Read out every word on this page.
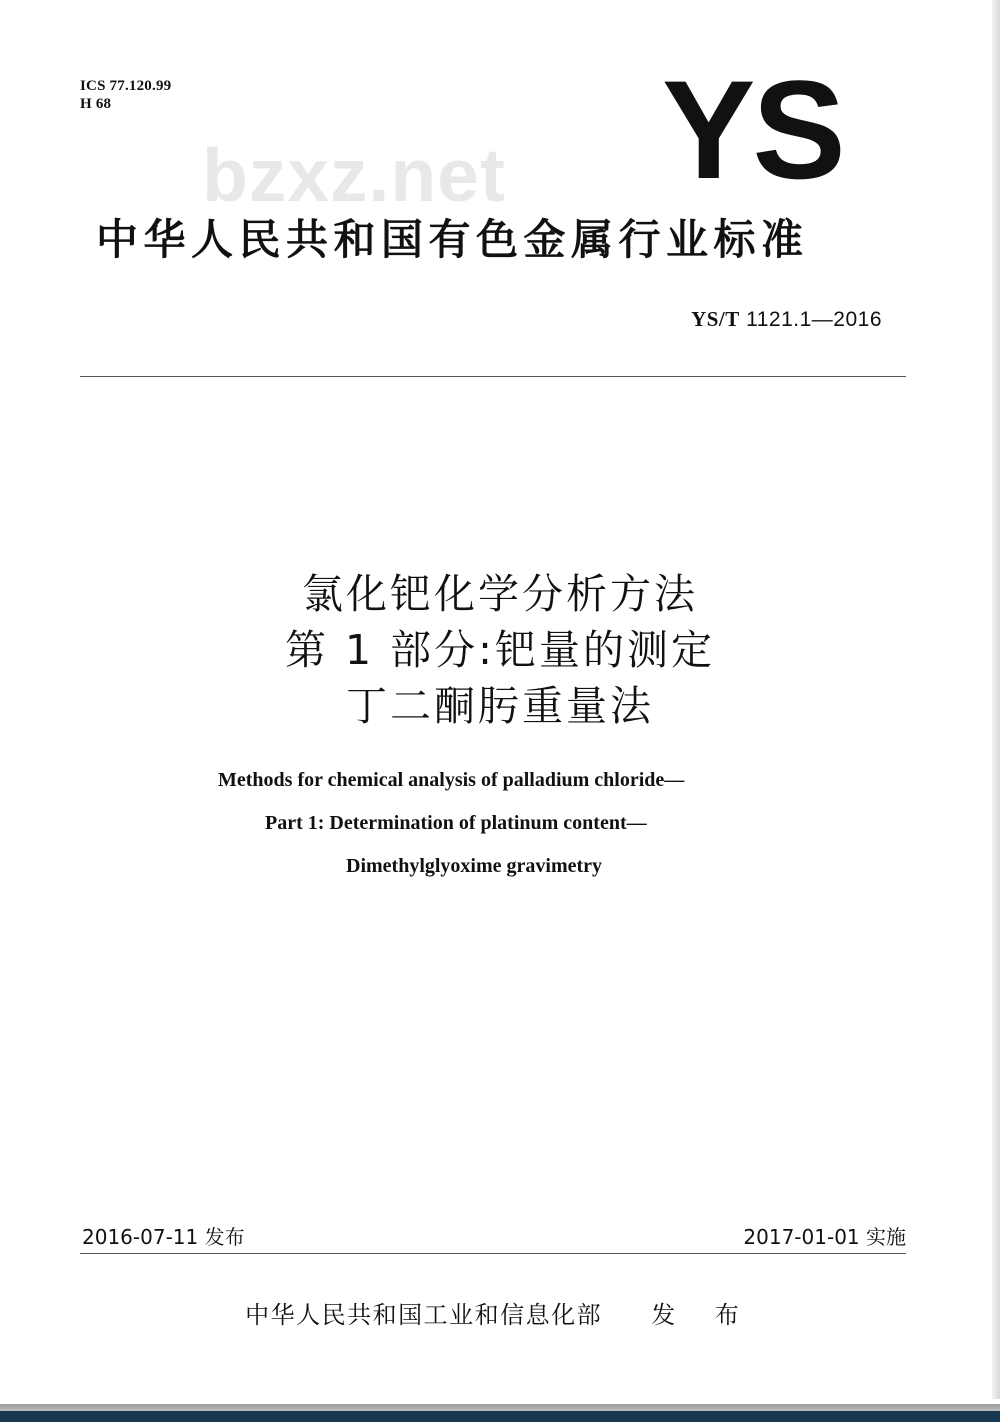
ICS 77.120.99
H 68
bzxz.net YS
中华人民共和国有色金属行业标准
YS/T 1121.1—2016
氯化钯化学分析方法
第 1 部分:钯量的测定
丁二酮肟重量法
Methods for chemical analysis of palladium chloride—
Part 1: Determination of platinum content—
Dimethylglyoxime gravimetry
2016-07-11 发布	2017-01-01 实施
中华人民共和国工业和信息化部 发 布
